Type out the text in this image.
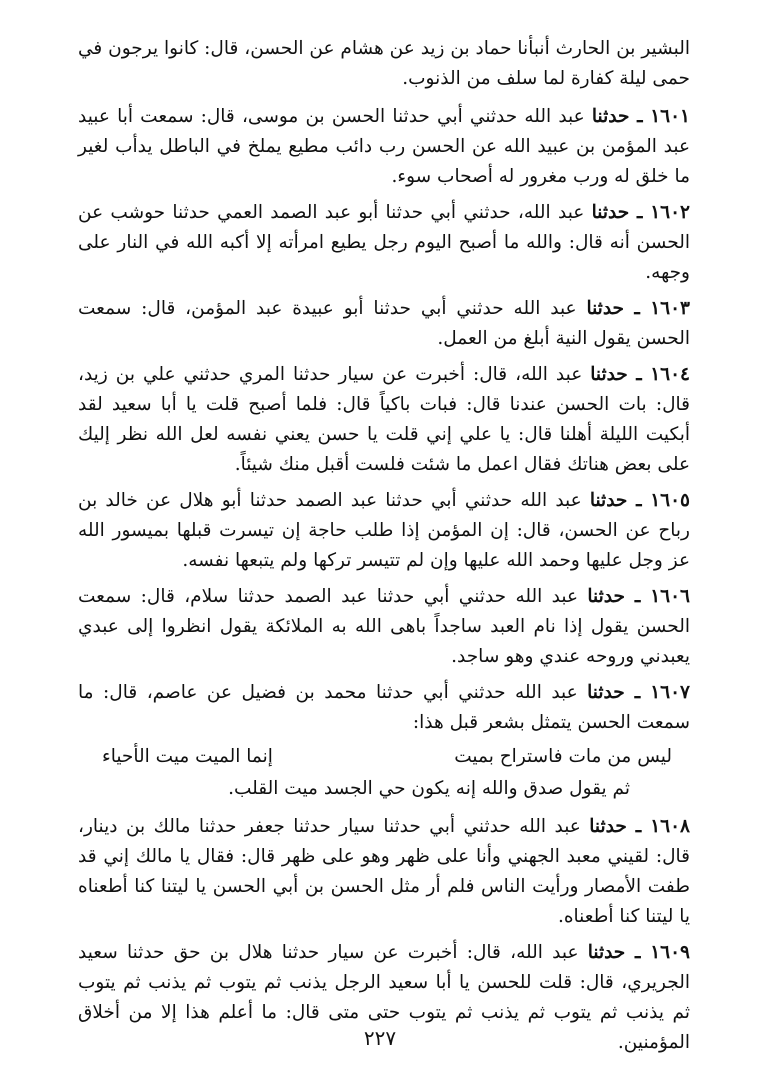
البشير بن الحارث أنبأنا حماد بن زيد عن هشام عن الحسن، قال: كانوا يرجون في حمى ليلة كفارة لما سلف من الذنوب.

١٦٠١ ـ حدثنا عبد الله حدثني أبي حدثنا الحسن بن موسى، قال: سمعت أبا عبيد عبد المؤمن بن عبيد الله عن الحسن رب دائب مطيع يملخ في الباطل يدأب لغير ما خلق له ورب مغرور له أصحاب سوء.

١٦٠٢ ـ حدثنا عبد الله، حدثني أبي حدثنا أبو عبد الصمد العمي حدثنا حوشب عن الحسن أنه قال: والله ما أصبح اليوم رجل يطيع امرأته إلا أكبه الله في النار على وجهه.

١٦٠٣ ـ حدثنا عبد الله حدثني أبي حدثنا أبو عبيدة عبد المؤمن، قال: سمعت الحسن يقول النية أبلغ من العمل.

١٦٠٤ ـ حدثنا عبد الله، قال: أخبرت عن سيار حدثنا المري حدثني علي بن زيد، قال: بات الحسن عندنا قال: فبات باكياً قال: فلما أصبح قلت يا أبا سعيد لقد أبكيت الليلة أهلنا قال: يا علي إني قلت يا حسن يعني نفسه لعل الله نظر إليك على بعض هناتك فقال اعمل ما شئت فلست أقبل منك شيئاً.

١٦٠٥ ـ حدثنا عبد الله حدثني أبي حدثنا عبد الصمد حدثنا أبو هلال عن خالد بن رباح عن الحسن، قال: إن المؤمن إذا طلب حاجة إن تيسرت قبلها بميسور الله عز وجل عليها وحمد الله عليها وإن لم تتيسر تركها ولم يتبعها نفسه.

١٦٠٦ ـ حدثنا عبد الله حدثني أبي حدثنا عبد الصمد حدثنا سلام، قال: سمعت الحسن يقول إذا نام العبد ساجداً باهى الله به الملائكة يقول انظروا إلى عبدي يعبدني وروحه عندي وهو ساجد.

١٦٠٧ ـ حدثنا عبد الله حدثني أبي حدثنا محمد بن فضيل عن عاصم، قال: ما سمعت الحسن يتمثل بشعر قبل هذا:

ليس من مات فاستراح بميت
إنما الميت ميت الأحياء

ثم يقول صدق والله إنه يكون حي الجسد ميت القلب.

١٦٠٨ ـ حدثنا عبد الله حدثني أبي حدثنا سيار حدثنا جعفر حدثنا مالك بن دينار، قال: لقيني معبد الجهني وأنا على ظهر وهو على ظهر قال: فقال يا مالك إني قد طفت الأمصار ورأيت الناس فلم أر مثل الحسن بن أبي الحسن يا ليتنا كنا أطعناه يا ليتنا كنا أطعناه.

١٦٠٩ ـ حدثنا عبد الله، قال: أخبرت عن سيار حدثنا هلال بن حق حدثنا سعيد الجريري، قال: قلت للحسن يا أبا سعيد الرجل يذنب ثم يتوب ثم يذنب ثم يتوب ثم يذنب ثم يتوب ثم يذنب ثم يتوب حتى متى قال: ما أعلم هذا إلا من أخلاق المؤمنين.

٢٢٧
